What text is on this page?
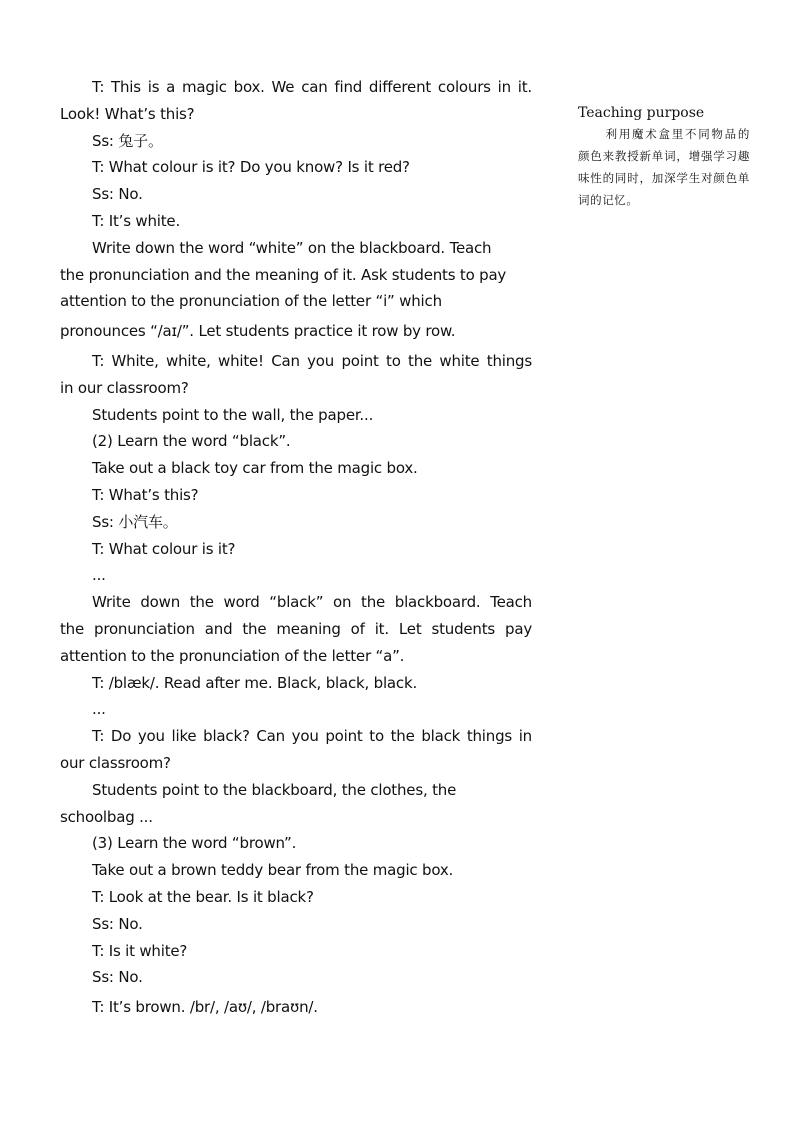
T: This is a magic box. We can find different colours in it.
Look! What’s this?
Ss: 兔子。
T: What colour is it? Do you know? Is it red?
Ss: No.
T: It’s white.
Write down the word “white” on the blackboard. Teach
the pronunciation and the meaning of it. Ask students to pay
attention to the pronunciation of the letter “i” which
pronounces “/aɪ/”. Let students practice it row by row.
T: White, white, white! Can you point to the white things
in our classroom?
Students point to the wall, the paper...
(2) Learn the word “black”.
Take out a black toy car from the magic box.
T: What’s this?
Ss: 小汽车。
T: What colour is it?
...
Write down the word “black” on the blackboard. Teach
the pronunciation and the meaning of it. Let students pay
attention to the pronunciation of the letter “a”.
T: /blæk/. Read after me. Black, black, black.
...
T: Do you like black? Can you point to the black things in
our classroom?
Students point to the blackboard, the clothes, the
schoolbag ...
(3) Learn the word “brown”.
Take out a brown teddy bear from the magic box.
T: Look at the bear. Is it black?
Ss: No.
T: Is it white?
Ss: No.
T: It’s brown. /br/, /aʊ/, /braʊn/.
Teaching purpose
利用魔术盒里不同物品的颜色来教授新单词，增强学习趣味性的同时，加深学生对颜色单词的记忆。
